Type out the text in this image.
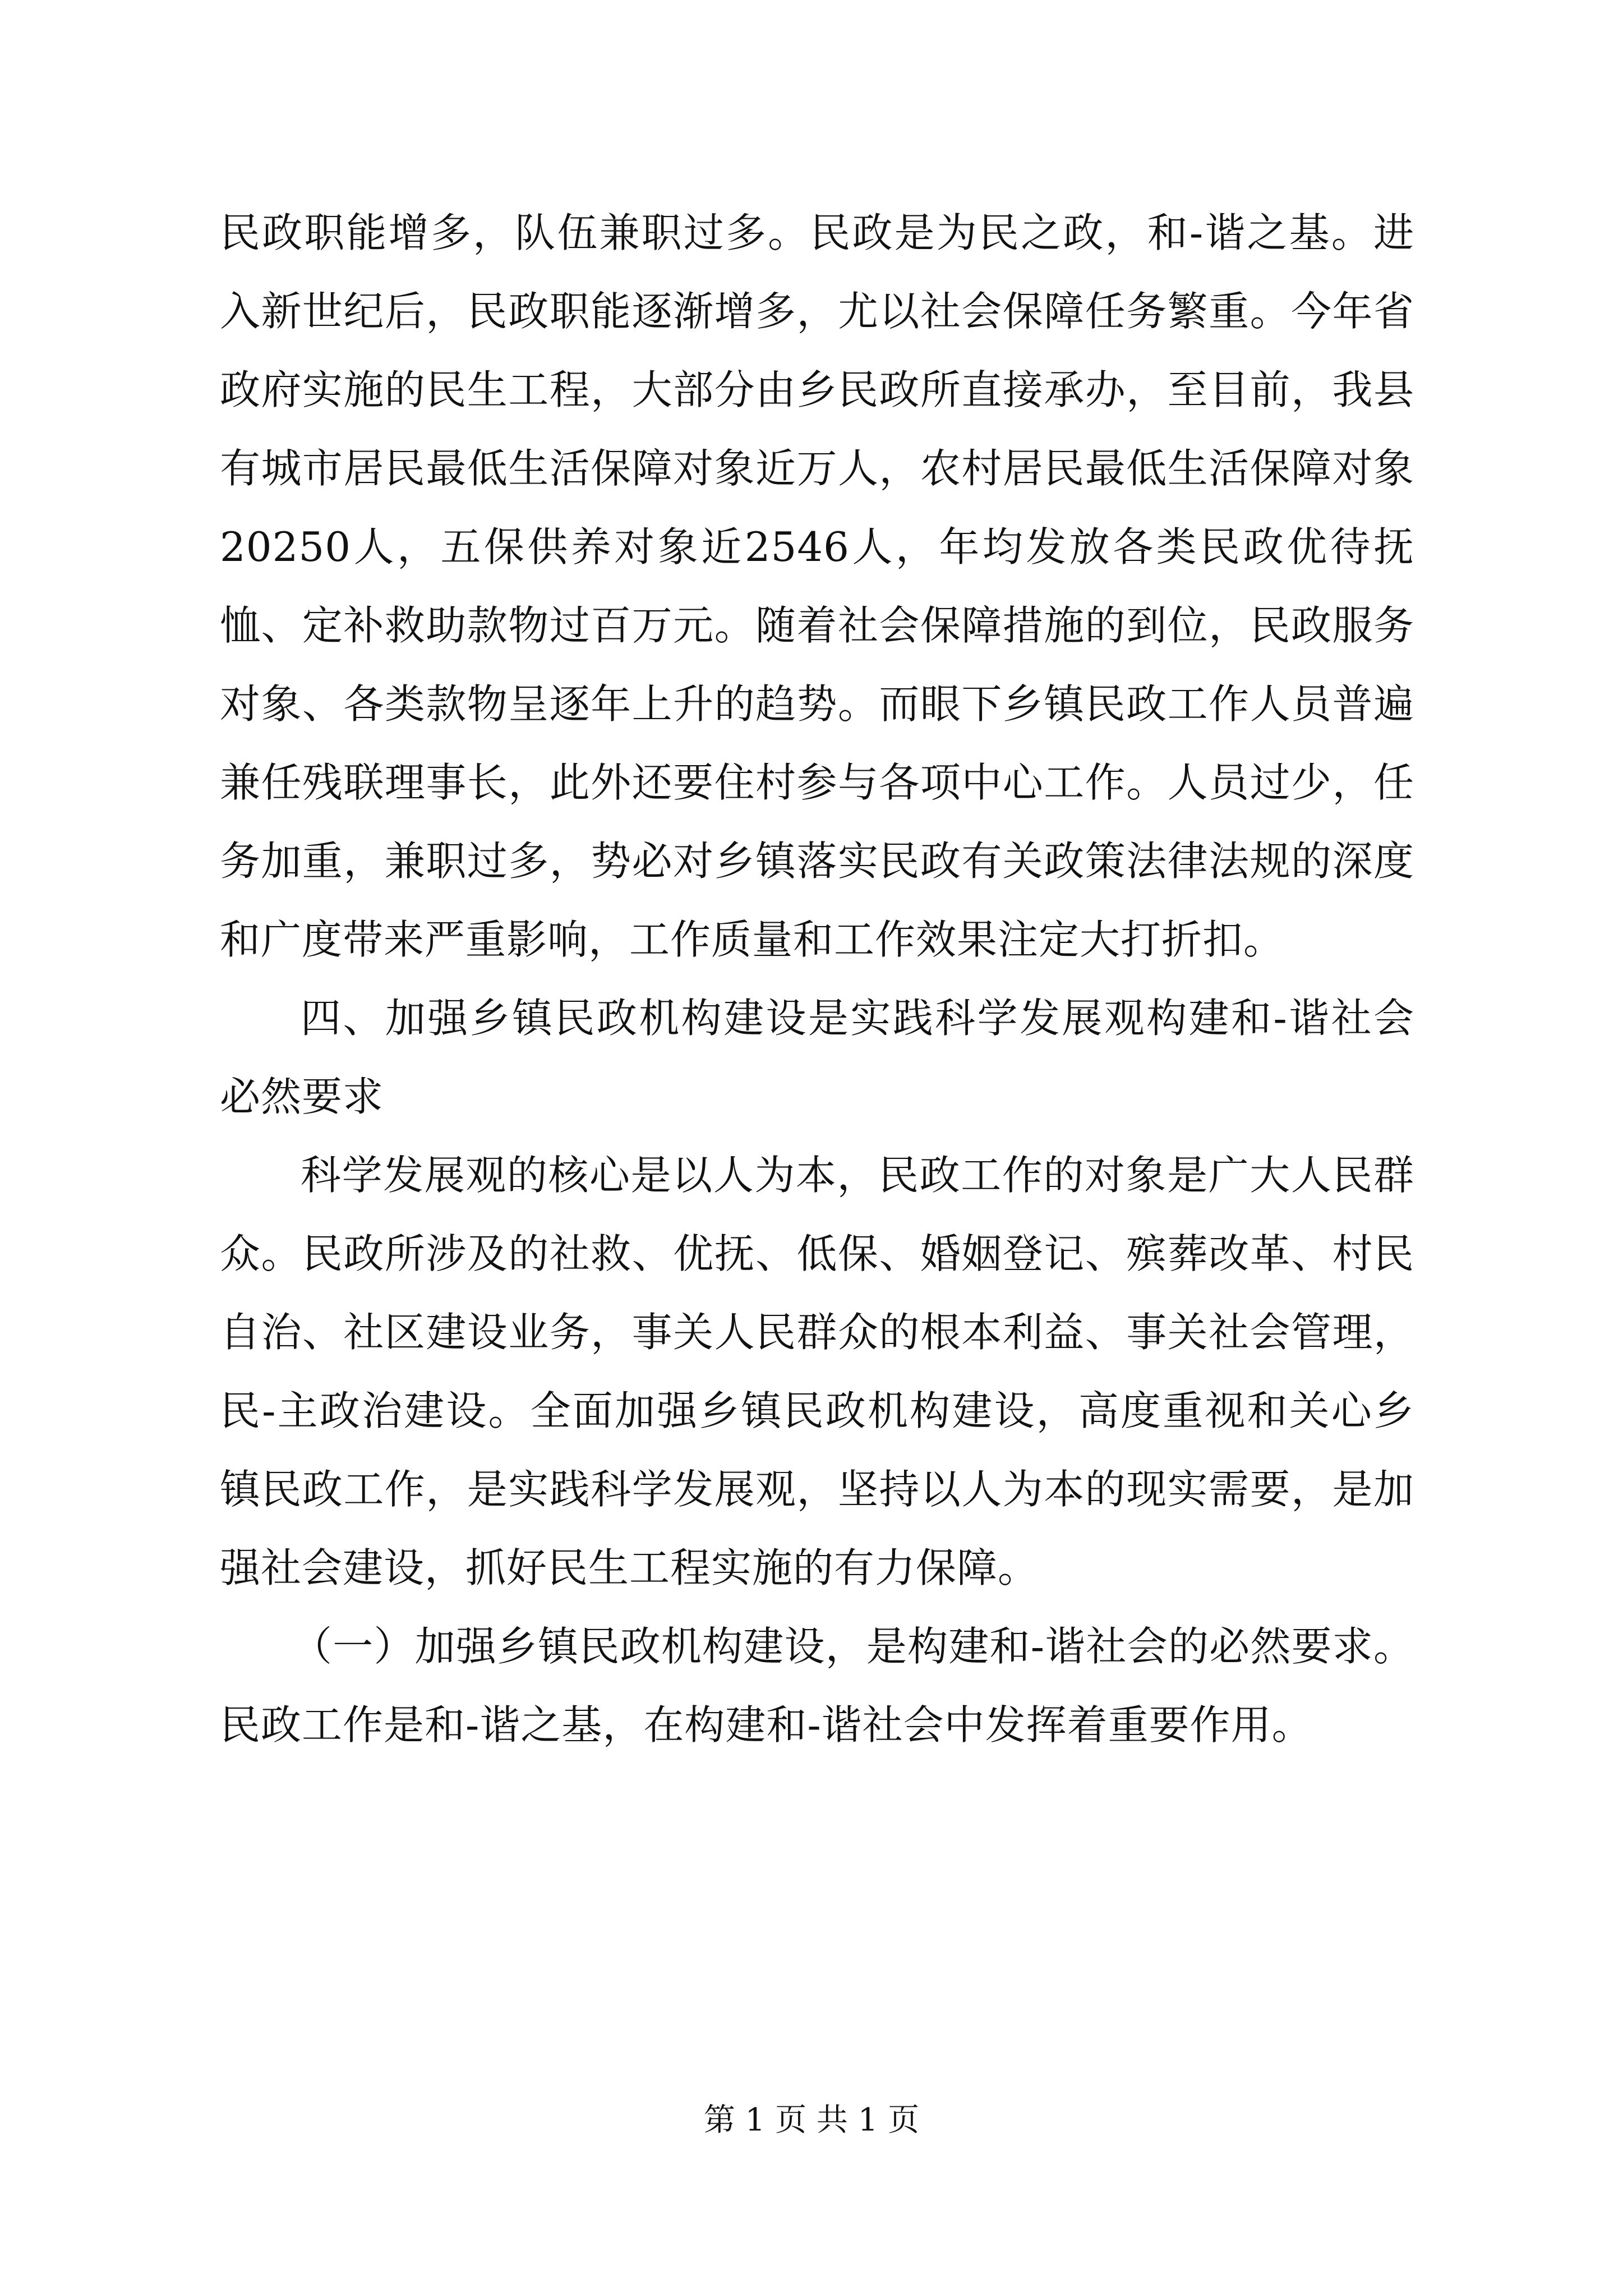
民政职能增多，队伍兼职过多。民政是为民之政，和-谐之基。进入新世纪后，民政职能逐渐增多，尤以社会保障任务繁重。今年省政府实施的民生工程，大部分由乡民政所直接承办，至目前，我县有城市居民最低生活保障对象近万人，农村居民最低生活保障对象20250人，五保供养对象近2546人，年均发放各类民政优待抚恤、定补救助款物过百万元。随着社会保障措施的到位，民政服务对象、各类款物呈逐年上升的趋势。而眼下乡镇民政工作人员普遍兼任残联理事长，此外还要住村参与各项中心工作。人员过少，任务加重，兼职过多，势必对乡镇落实民政有关政策法律法规的深度和广度带来严重影响，工作质量和工作效果注定大打折扣。

四、加强乡镇民政机构建设是实践科学发展观构建和-谐社会必然要求

科学发展观的核心是以人为本，民政工作的对象是广大人民群众。民政所涉及的社救、优抚、低保、婚姻登记、殡葬改革、村民自治、社区建设业务，事关人民群众的根本利益、事关社会管理，民-主政治建设。全面加强乡镇民政机构建设，高度重视和关心乡镇民政工作，是实践科学发展观，坚持以人为本的现实需要，是加强社会建设，抓好民生工程实施的有力保障。

（一）加强乡镇民政机构建设，是构建和-谐社会的必然要求。民政工作是和-谐之基，在构建和-谐社会中发挥着重要作用。

第 1 页 共 1 页
